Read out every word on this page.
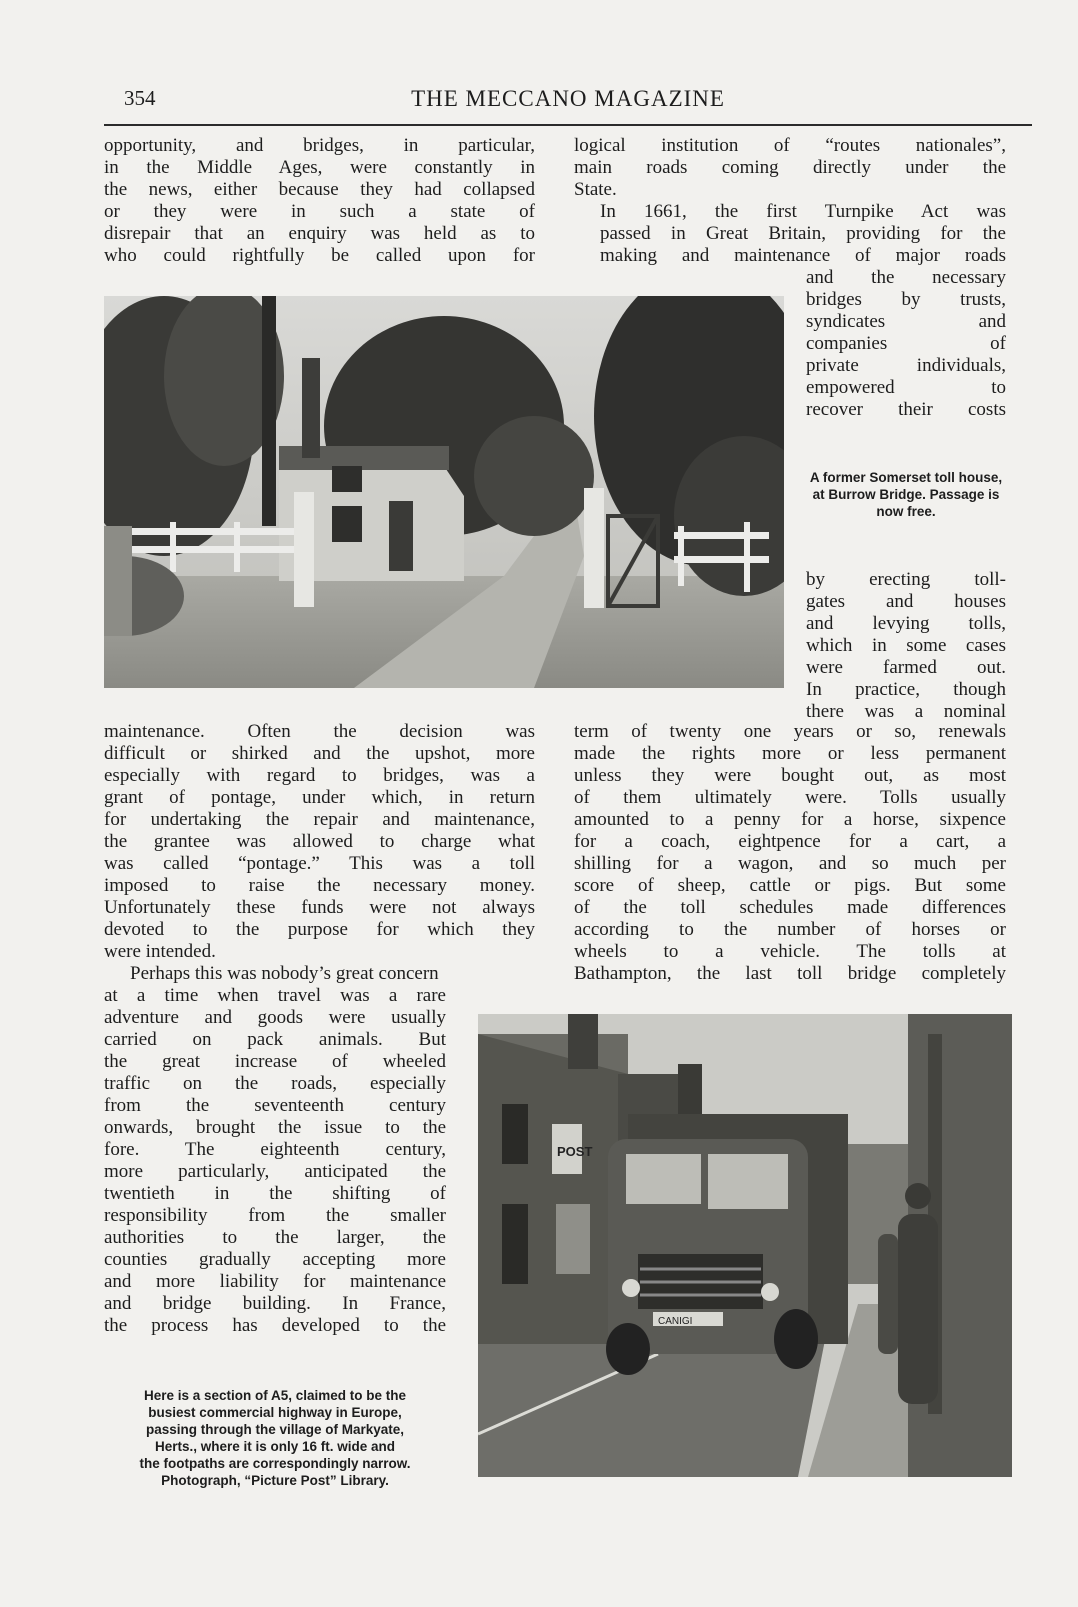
354	THE MECCANO MAGAZINE

opportunity, and bridges, in particular,
in the Middle Ages, were constantly in
the news, either because they had collapsed
or they were in such a state of
disrepair that an enquiry was held as to
who could rightfully be called upon for

logical institution of “routes nationales”,
main roads coming directly under the
State.

In 1661, the first Turnpike Act was
passed in Great Britain, providing for the
making and maintenance of major roads

and the necessary
bridges by trusts,
syndicates and
companies of
private individuals,
empowered to
recover their costs

A former Somerset toll house, at Burrow Bridge. Passage is now free.

by erecting toll-
gates and houses
and levying tolls,
which in some cases
were farmed out.
In practice, though
there was a nominal

maintenance. Often the decision was
difficult or shirked and the upshot, more
especially with regard to bridges, was a
grant of pontage, under which, in return
for undertaking the repair and maintenance,
the grantee was allowed to charge what
was called “pontage.” This was a toll
imposed to raise the necessary money.
Unfortunately these funds were not always
devoted to the purpose for which they
were intended.

Perhaps this was nobody’s great concern

at a time when travel was a rare
adventure and goods were usually
carried on pack animals. But
the great increase of wheeled
traffic on the roads, especially
from the seventeenth century
onwards, brought the issue to the
fore. The eighteenth century,
more particularly, anticipated the
twentieth in the shifting of
responsibility from the smaller
authorities to the larger, the
counties gradually accepting more
and more liability for maintenance
and bridge building. In France,
the process has developed to the

term of twenty one years or so, renewals
made the rights more or less permanent
unless they were bought out, as most
of them ultimately were. Tolls usually
amounted to a penny for a horse, sixpence
for a coach, eightpence for a cart, a
shilling for a wagon, and so much per
score of sheep, cattle or pigs. But some
of the toll schedules made differences
according to the number of horses or
wheels to a vehicle. The tolls at
Bathampton, the last toll bridge completely

Here is a section of A5, claimed to be the
busiest commercial highway in Europe,
passing through the village of Markyate,
Herts., where it is only 16 ft. wide and
the footpaths are correspondingly narrow.
Photograph, “Picture Post” Library.
POST
CANIGI
